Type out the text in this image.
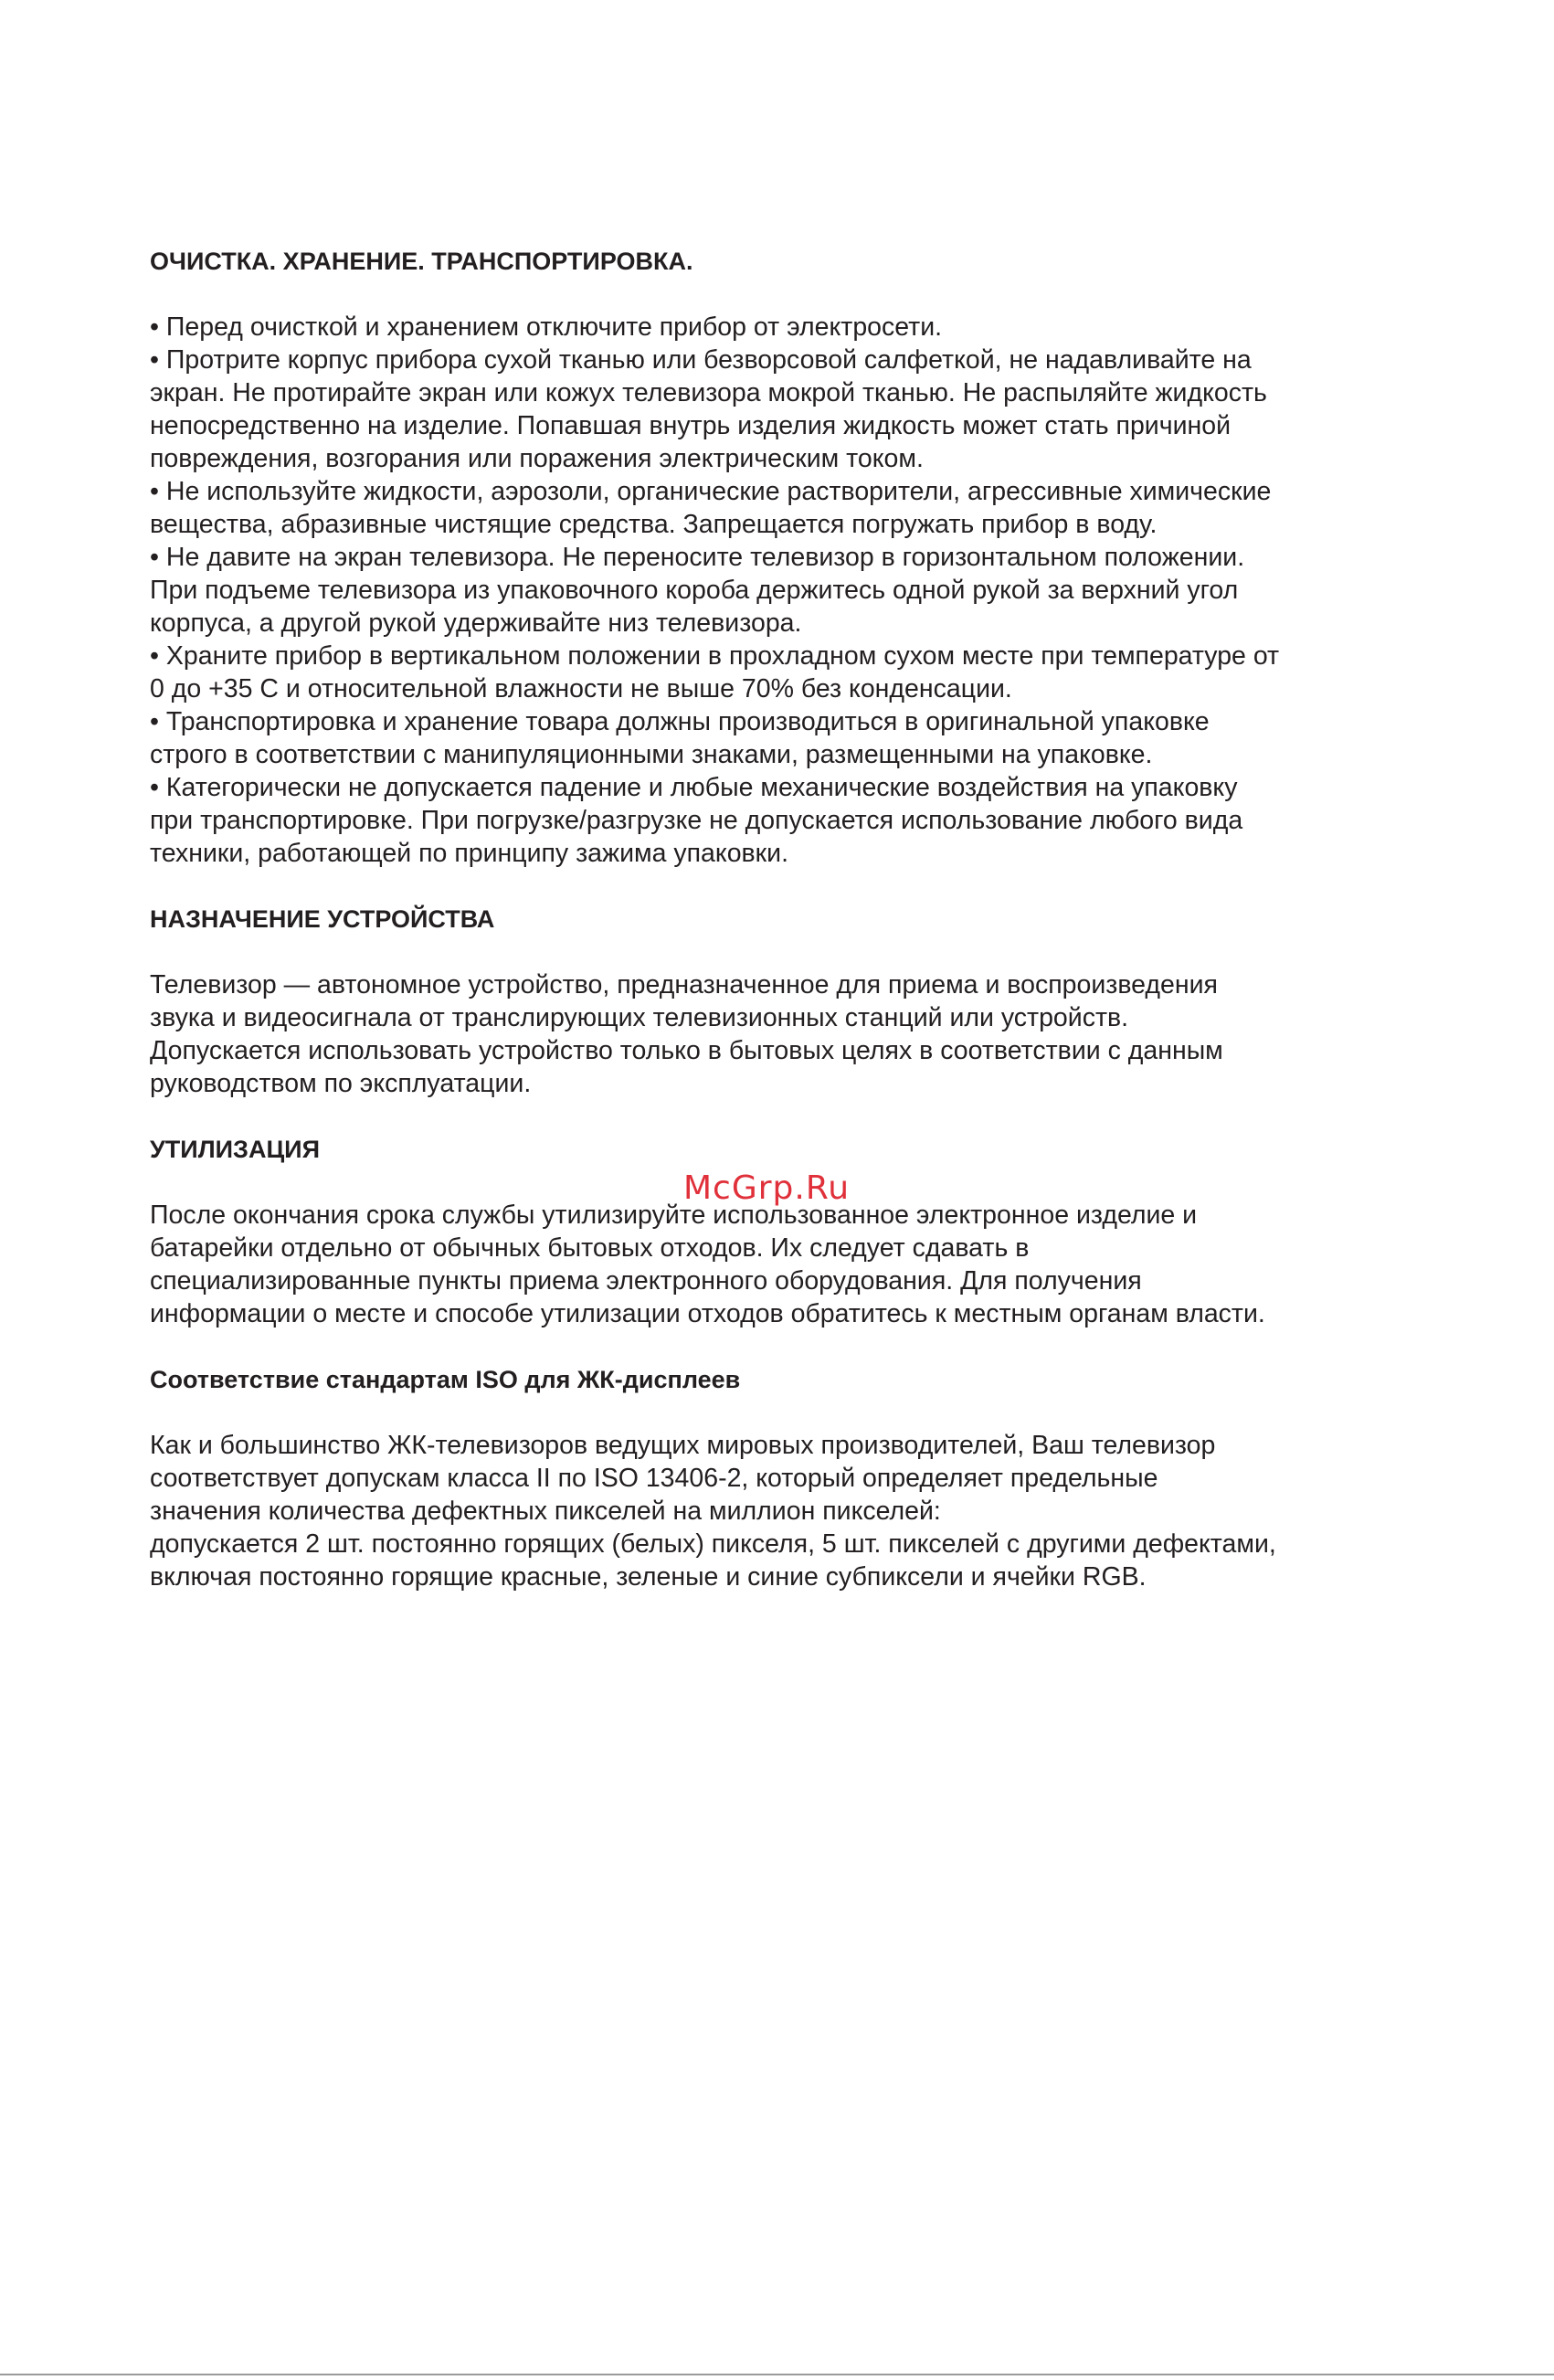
ОЧИСТКА. ХРАНЕНИЕ. ТРАНСПОРТИРОВКА.

• Перед очисткой и хранением отключите прибор от электросети.

• Протрите корпус прибора сухой тканью или безворсовой салфеткой, не надавливайте на

экран. Не протирайте экран или кожух телевизора мокрой тканью. Не распыляйте жидкость

непосредственно на изделие. Попавшая внутрь изделия жидкость может стать причиной

повреждения, возгорания или поражения электрическим током.

• Не используйте жидкости, аэрозоли, органические растворители, агрессивные химические

вещества, абразивные чистящие средства. Запрещается погружать прибор в воду.

• Не давите на экран телевизора. Не переносите телевизор в горизонтальном положении.

При подъеме телевизора из упаковочного короба держитесь одной рукой за верхний угол

корпуса, а другой рукой удерживайте низ телевизора.

• Храните прибор в вертикальном положении в прохладном сухом месте при температуре от

0 до +35 С и относительной влажности не выше 70% без конденсации.

• Транспортировка и хранение товара должны производиться в оригинальной упаковке

строго в соответствии с манипуляционными знаками, размещенными на упаковке.

• Категорически не допускается падение и любые механические воздействия на упаковку

при транспортировке. При погрузке/разгрузке не допускается использование любого вида

техники, работающей по принципу зажима упаковки.

НАЗНАЧЕНИЕ УСТРОЙСТВА

Телевизор — автономное устройство, предназначенное для приема и воспроизведения

звука и видеосигнала от транслирующих телевизионных станций или устройств.

Допускается использовать устройство только в бытовых целях в соответствии с данным

руководством по эксплуатации.

УТИЛИЗАЦИЯ

После окончания срока службы утилизируйте использованное электронное изделие и

батарейки отдельно от обычных бытовых отходов. Их следует сдавать в

специализированные пункты приема электронного оборудования. Для получения

информации о месте и способе утилизации отходов обратитесь к местным органам власти.

Соответствие стандартам ISO для ЖК-дисплеев

Как и большинство ЖК-телевизоров ведущих мировых производителей, Ваш телевизор

соответствует допускам класса II по ISO 13406-2, который определяет предельные

значения количества дефектных пикселей на миллион пикселей:

допускается 2 шт. постоянно горящих (белых) пикселя, 5 шт. пикселей с другими дефектами,

включая постоянно горящие красные, зеленые и синие субпиксели и ячейки RGB.

McGrp.Ru
